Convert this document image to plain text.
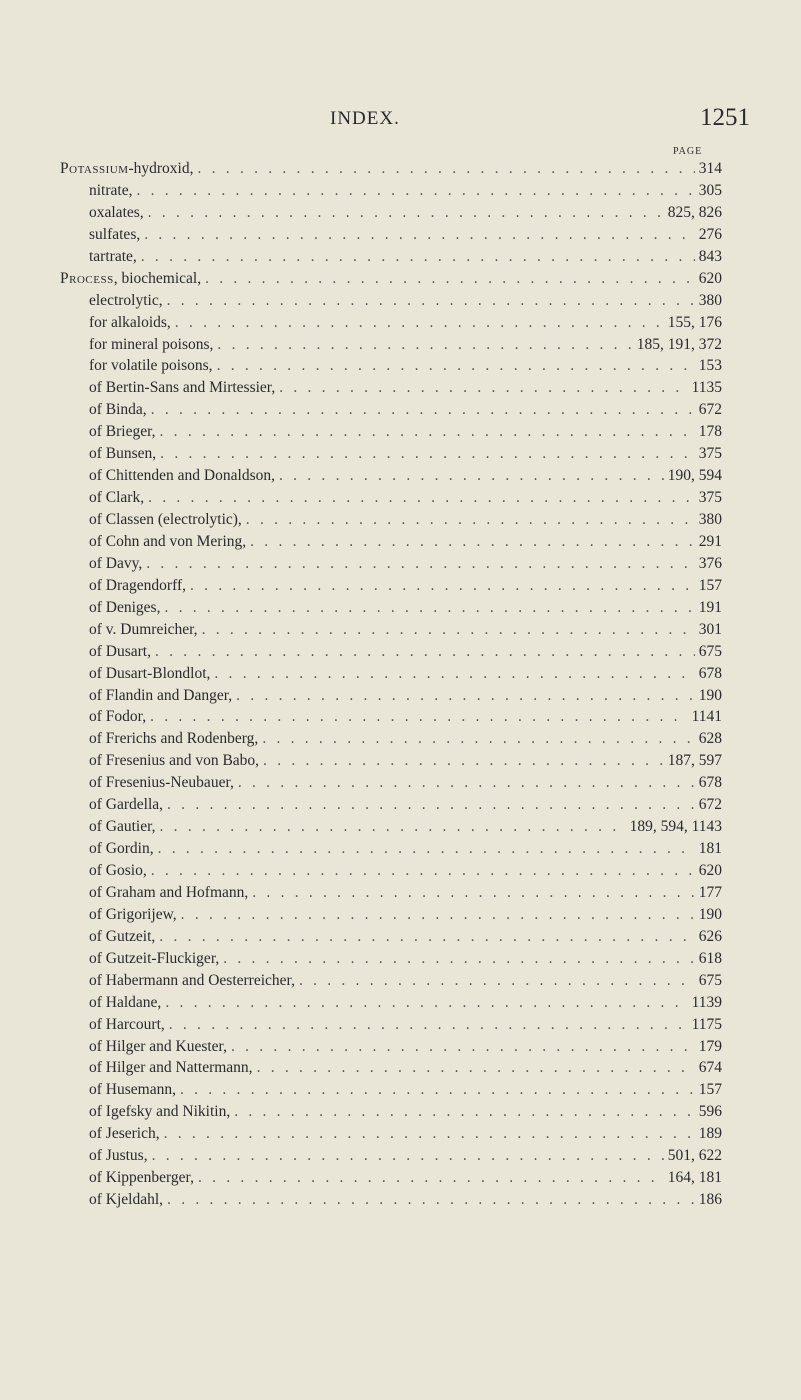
INDEX.	1251
PAGE
Potassium-hydroxid, . . .	314
nitrate, . . .	305
oxalates, . . .	825, 826
sulfates, . . .	276
tartrate, . . .	843
Process, biochemical, . . .	620
electrolytic, . . .	380
for alkaloids, . . .	155, 176
for mineral poisons, . . .	185, 191, 372
for volatile poisons, . . .	153
of Bertin-Sans and Mirtessier, . . .	1135
of Binda, . . .	672
of Brieger, . . .	178
of Bunsen, . . .	375
of Chittenden and Donaldson, . . .	190, 594
of Clark, . . .	375
of Classen (electrolytic), . . .	380
of Cohn and von Mering, . . .	291
of Davy, . . .	376
of Dragendorff, . . .	157
of Deniges, . . .	191
of v. Dumreicher, . . .	301
of Dusart, . . .	675
of Dusart-Blondlot, . . .	678
of Flandin and Danger, . . .	190
of Fodor, . . .	1141
of Frerichs and Rodenberg, . . .	628
of Fresenius and von Babo, . . .	187, 597
of Fresenius-Neubauer, . . .	678
of Gardella, . . .	672
of Gautier, . . .	189, 594, 1143
of Gordin, . . .	181
of Gosio, . . .	620
of Graham and Hofmann, . . .	177
of Grigorijew, . . .	190
of Gutzeit, . . .	626
of Gutzeit-Fluckiger, . . .	618
of Habermann and Oesterreicher, . . .	675
of Haldane, . . .	1139
of Harcourt, . . .	1175
of Hilger and Kuester, . . .	179
of Hilger and Nattermann, . . .	674
of Husemann, . . .	157
of Igefsky and Nikitin, . . .	596
of Jeserich, . . .	189
of Justus, . . .	501, 622
of Kippenberger, . . .	164, 181
of Kjeldahl, . . .	186
